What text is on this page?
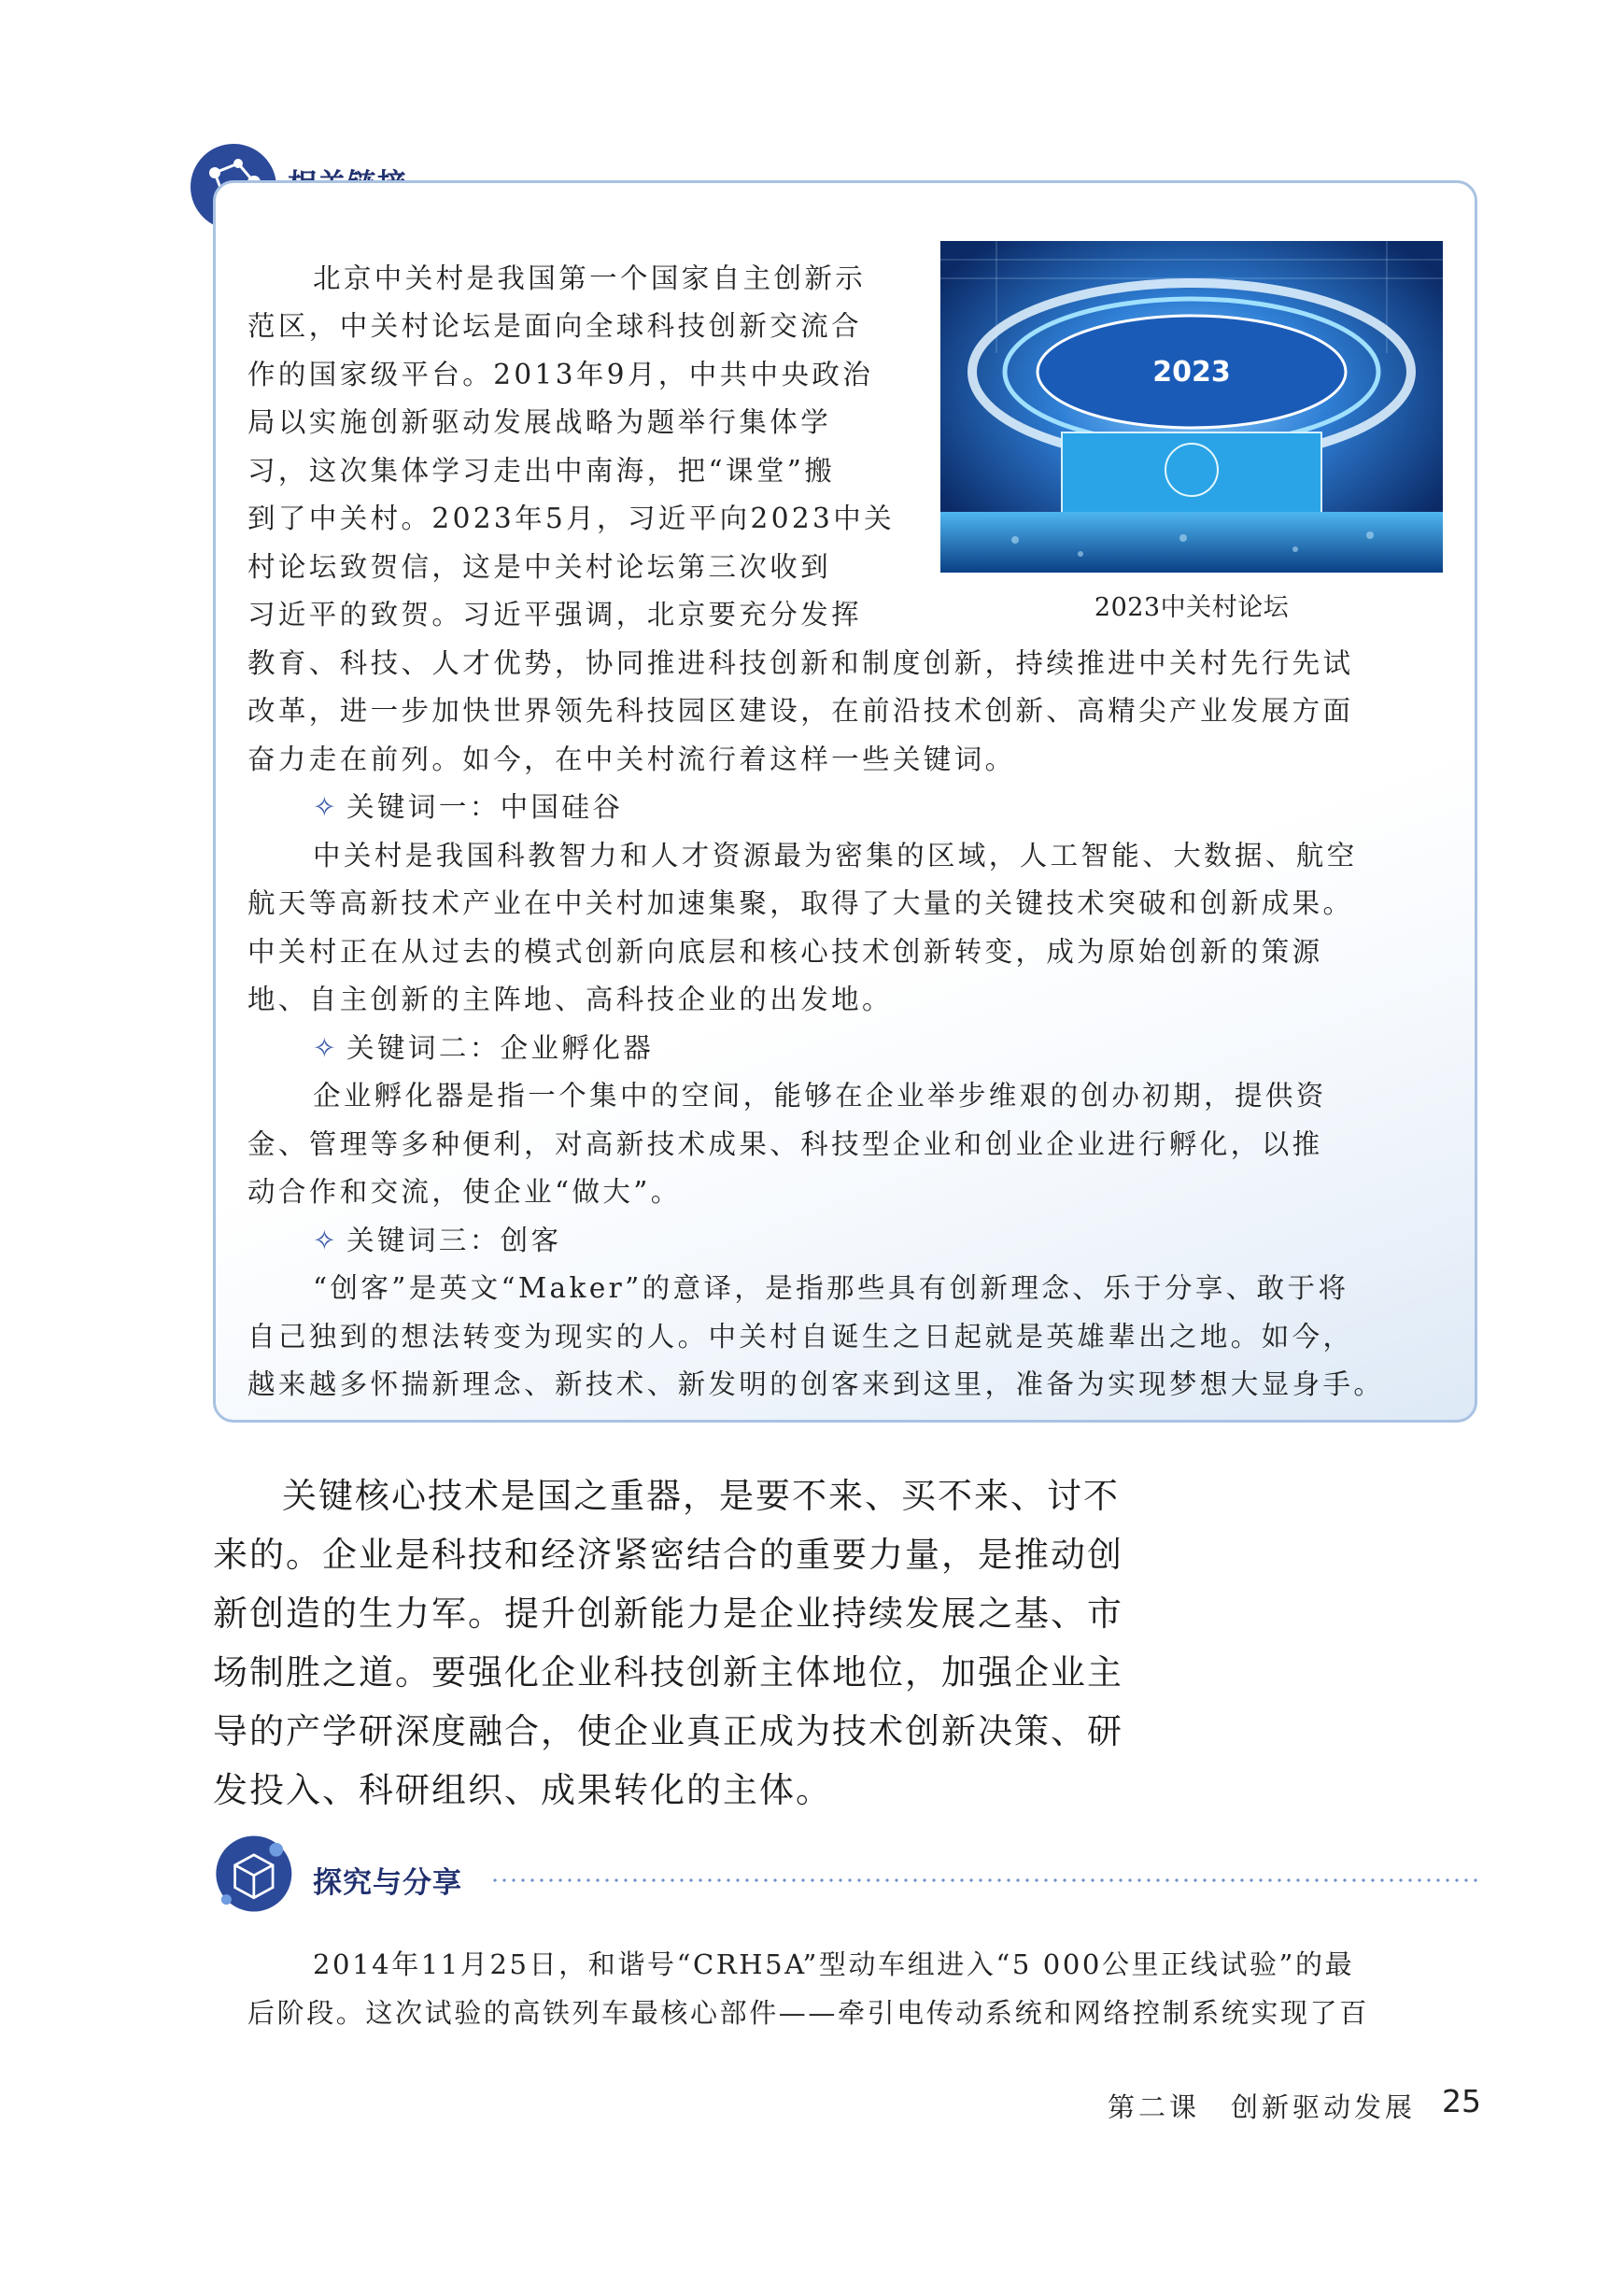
北京中关村是我国第一个国家自主创新示
范区，中关村论坛是面向全球科技创新交流合
作的国家级平台。2013年9月，中共中央政治
局以实施创新驱动发展战略为题举行集体学
习，这次集体学习走出中南海，把“课堂”搬
到了中关村。2023年5月，习近平向2023中关
村论坛致贺信，这是中关村论坛第三次收到
习近平的致贺。习近平强调，北京要充分发挥
教育、科技、人才优势，协同推进科技创新和制度创新，持续推进中关村先行先试
改革，进一步加快世界领先科技园区建设，在前沿技术创新、高精尖产业发展方面
奋力走在前列。如今，在中关村流行着这样一些关键词。
2023
2023中关村论坛
✧ 关键词一：中国硅谷
中关村是我国科教智力和人才资源最为密集的区域，人工智能、大数据、航空
航天等高新技术产业在中关村加速集聚，取得了大量的关键技术突破和创新成果。
中关村正在从过去的模式创新向底层和核心技术创新转变，成为原始创新的策源
地、自主创新的主阵地、高科技企业的出发地。
✧ 关键词二：企业孵化器
企业孵化器是指一个集中的空间，能够在企业举步维艰的创办初期，提供资
金、管理等多种便利，对高新技术成果、科技型企业和创业企业进行孵化，以推
动合作和交流，使企业“做大”。
✧ 关键词三：创客
“创客”是英文“Maker”的意译，是指那些具有创新理念、乐于分享、敢于将
自己独到的想法转变为现实的人。中关村自诞生之日起就是英雄辈出之地。如今，
越来越多怀揣新理念、新技术、新发明的创客来到这里，准备为实现梦想大显身手。
关键核心技术是国之重器，是要不来、买不来、讨不
来的。企业是科技和经济紧密结合的重要力量，是推动创
新创造的生力军。提升创新能力是企业持续发展之基、市
场制胜之道。要强化企业科技创新主体地位，加强企业主
导的产学研深度融合，使企业真正成为技术创新决策、研
发投入、科研组织、成果转化的主体。
探究与分享
2014年11月25日，和谐号“CRH5A”型动车组进入“5 000公里正线试验”的最
后阶段。这次试验的高铁列车最核心部件——牵引电传动系统和网络控制系统实现了百
第二课　创新驱动发展 25
